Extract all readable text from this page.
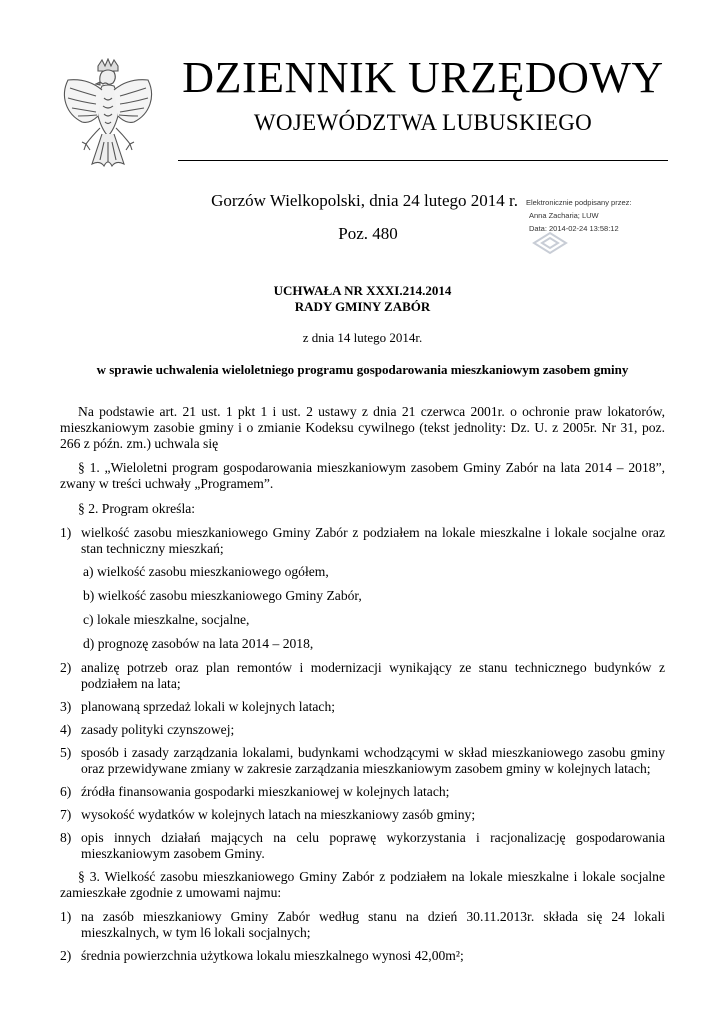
DZIENNIK URZĘDOWY
WOJEWÓDZTWA LUBUSKIEGO
Gorzów Wielkopolski, dnia 24 lutego 2014 r.
Poz. 480
Elektronicznie podpisany przez:
Anna Zacharia; LUW
Data: 2014-02-24 13:58:12
UCHWAŁA NR XXXI.214.2014
RADY GMINY ZABÓR
z dnia 14 lutego 2014r.
w sprawie uchwalenia wieloletniego programu gospodarowania mieszkaniowym zasobem gminy

Na podstawie art. 21 ust. 1 pkt 1 i ust. 2 ustawy z dnia 21 czerwca 2001r. o ochronie praw lokatorów, mieszkaniowym zasobie gminy i o zmianie Kodeksu cywilnego (tekst jednolity: Dz. U. z 2005r. Nr 31, poz. 266 z późn. zm.) uchwala się

§ 1. „Wieloletni program gospodarowania mieszkaniowym zasobem Gminy Zabór na lata 2014 – 2018”, zwany w treści uchwały „Programem”.

§ 2. Program określa:

1) wielkość zasobu mieszkaniowego Gminy Zabór z podziałem na lokale mieszkalne i lokale socjalne oraz stan techniczny mieszkań;
a) wielkość zasobu mieszkaniowego ogółem,
b) wielkość zasobu mieszkaniowego Gminy Zabór,
c) lokale mieszkalne, socjalne,
d) prognozę zasobów na lata 2014 – 2018,
2) analizę potrzeb oraz plan remontów i modernizacji wynikający ze stanu technicznego budynków z podziałem na lata;
3) planowaną sprzedaż lokali w kolejnych latach;
4) zasady polityki czynszowej;
5) sposób i zasady zarządzania lokalami, budynkami wchodzącymi w skład mieszkaniowego zasobu gminy oraz przewidywane zmiany w zakresie zarządzania mieszkaniowym zasobem gminy w kolejnych latach;
6) źródła finansowania gospodarki mieszkaniowej w kolejnych latach;
7) wysokość wydatków w kolejnych latach na mieszkaniowy zasób gminy;
8) opis innych działań mających na celu poprawę wykorzystania i racjonalizację gospodarowania mieszkaniowym zasobem Gminy.

§ 3. Wielkość zasobu mieszkaniowego Gminy Zabór z podziałem na lokale mieszkalne i lokale socjalne zamieszkałe zgodnie z umowami najmu:

1) na zasób mieszkaniowy Gminy Zabór według stanu na dzień 30.11.2013r. składa się 24 lokali mieszkalnych, w tym l6 lokali socjalnych;
2) średnia powierzchnia użytkowa lokalu mieszkalnego wynosi 42,00m²;
